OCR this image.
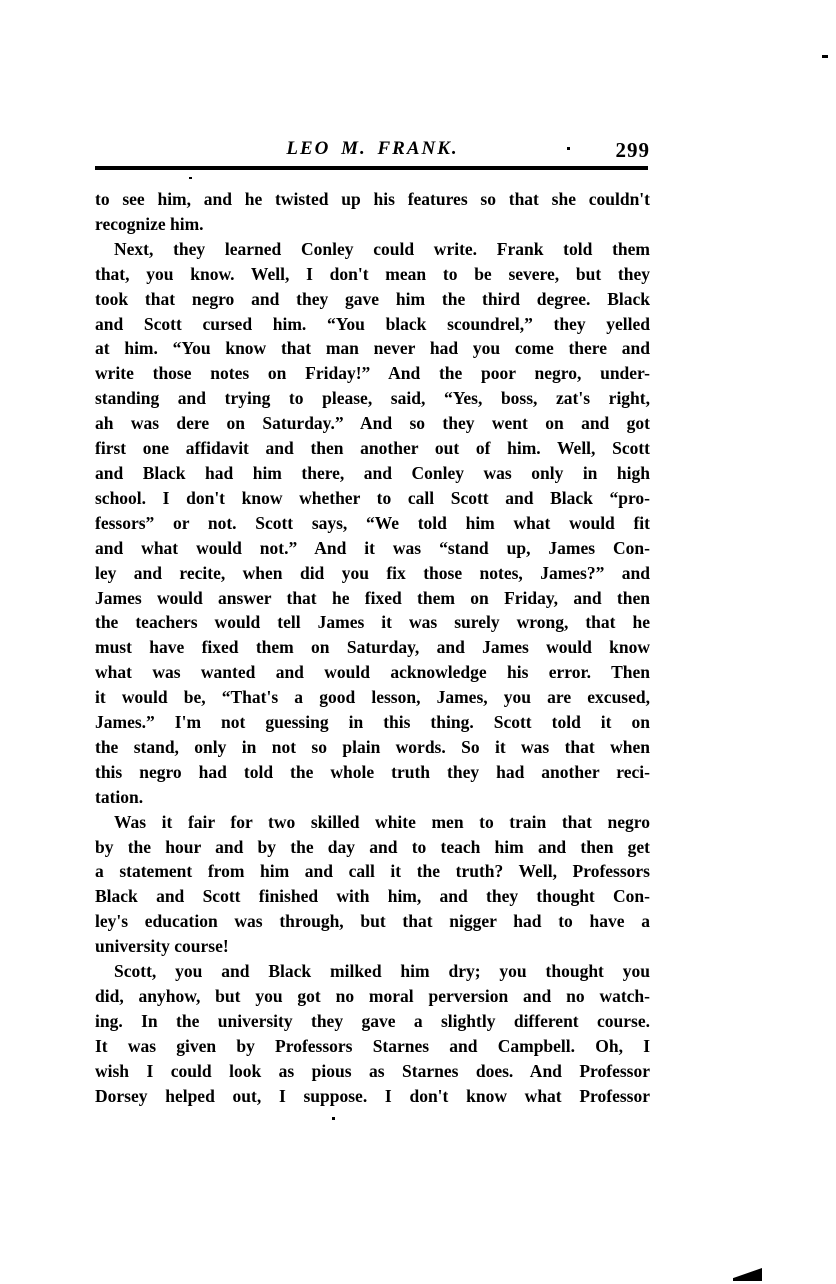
LEO M. FRANK.	299
to see him, and he twisted up his features so that she couldn't
recognize him.
Next, they learned Conley could write. Frank told them
that, you know. Well, I don't mean to be severe, but they
took that negro and they gave him the third degree. Black
and Scott cursed him. “You black scoundrel,” they yelled
at him. “You know that man never had you come there and
write those notes on Friday!” And the poor negro, under-
standing and trying to please, said, “Yes, boss, zat's right,
ah was dere on Saturday.” And so they went on and got
first one affidavit and then another out of him. Well, Scott
and Black had him there, and Conley was only in high
school. I don't know whether to call Scott and Black “pro-
fessors” or not. Scott says, “We told him what would fit
and what would not.” And it was “stand up, James Con-
ley and recite, when did you fix those notes, James?” and
James would answer that he fixed them on Friday, and then
the teachers would tell James it was surely wrong, that he
must have fixed them on Saturday, and James would know
what was wanted and would acknowledge his error. Then
it would be, “That's a good lesson, James, you are excused,
James.” I'm not guessing in this thing. Scott told it on
the stand, only in not so plain words. So it was that when
this negro had told the whole truth they had another reci-
tation.
Was it fair for two skilled white men to train that negro
by the hour and by the day and to teach him and then get
a statement from him and call it the truth? Well, Professors
Black and Scott finished with him, and they thought Con-
ley's education was through, but that nigger had to have a
university course!
Scott, you and Black milked him dry; you thought you
did, anyhow, but you got no moral perversion and no watch-
ing. In the university they gave a slightly different course.
It was given by Professors Starnes and Campbell. Oh, I
wish I could look as pious as Starnes does. And Professor
Dorsey helped out, I suppose. I don't know what Professor
